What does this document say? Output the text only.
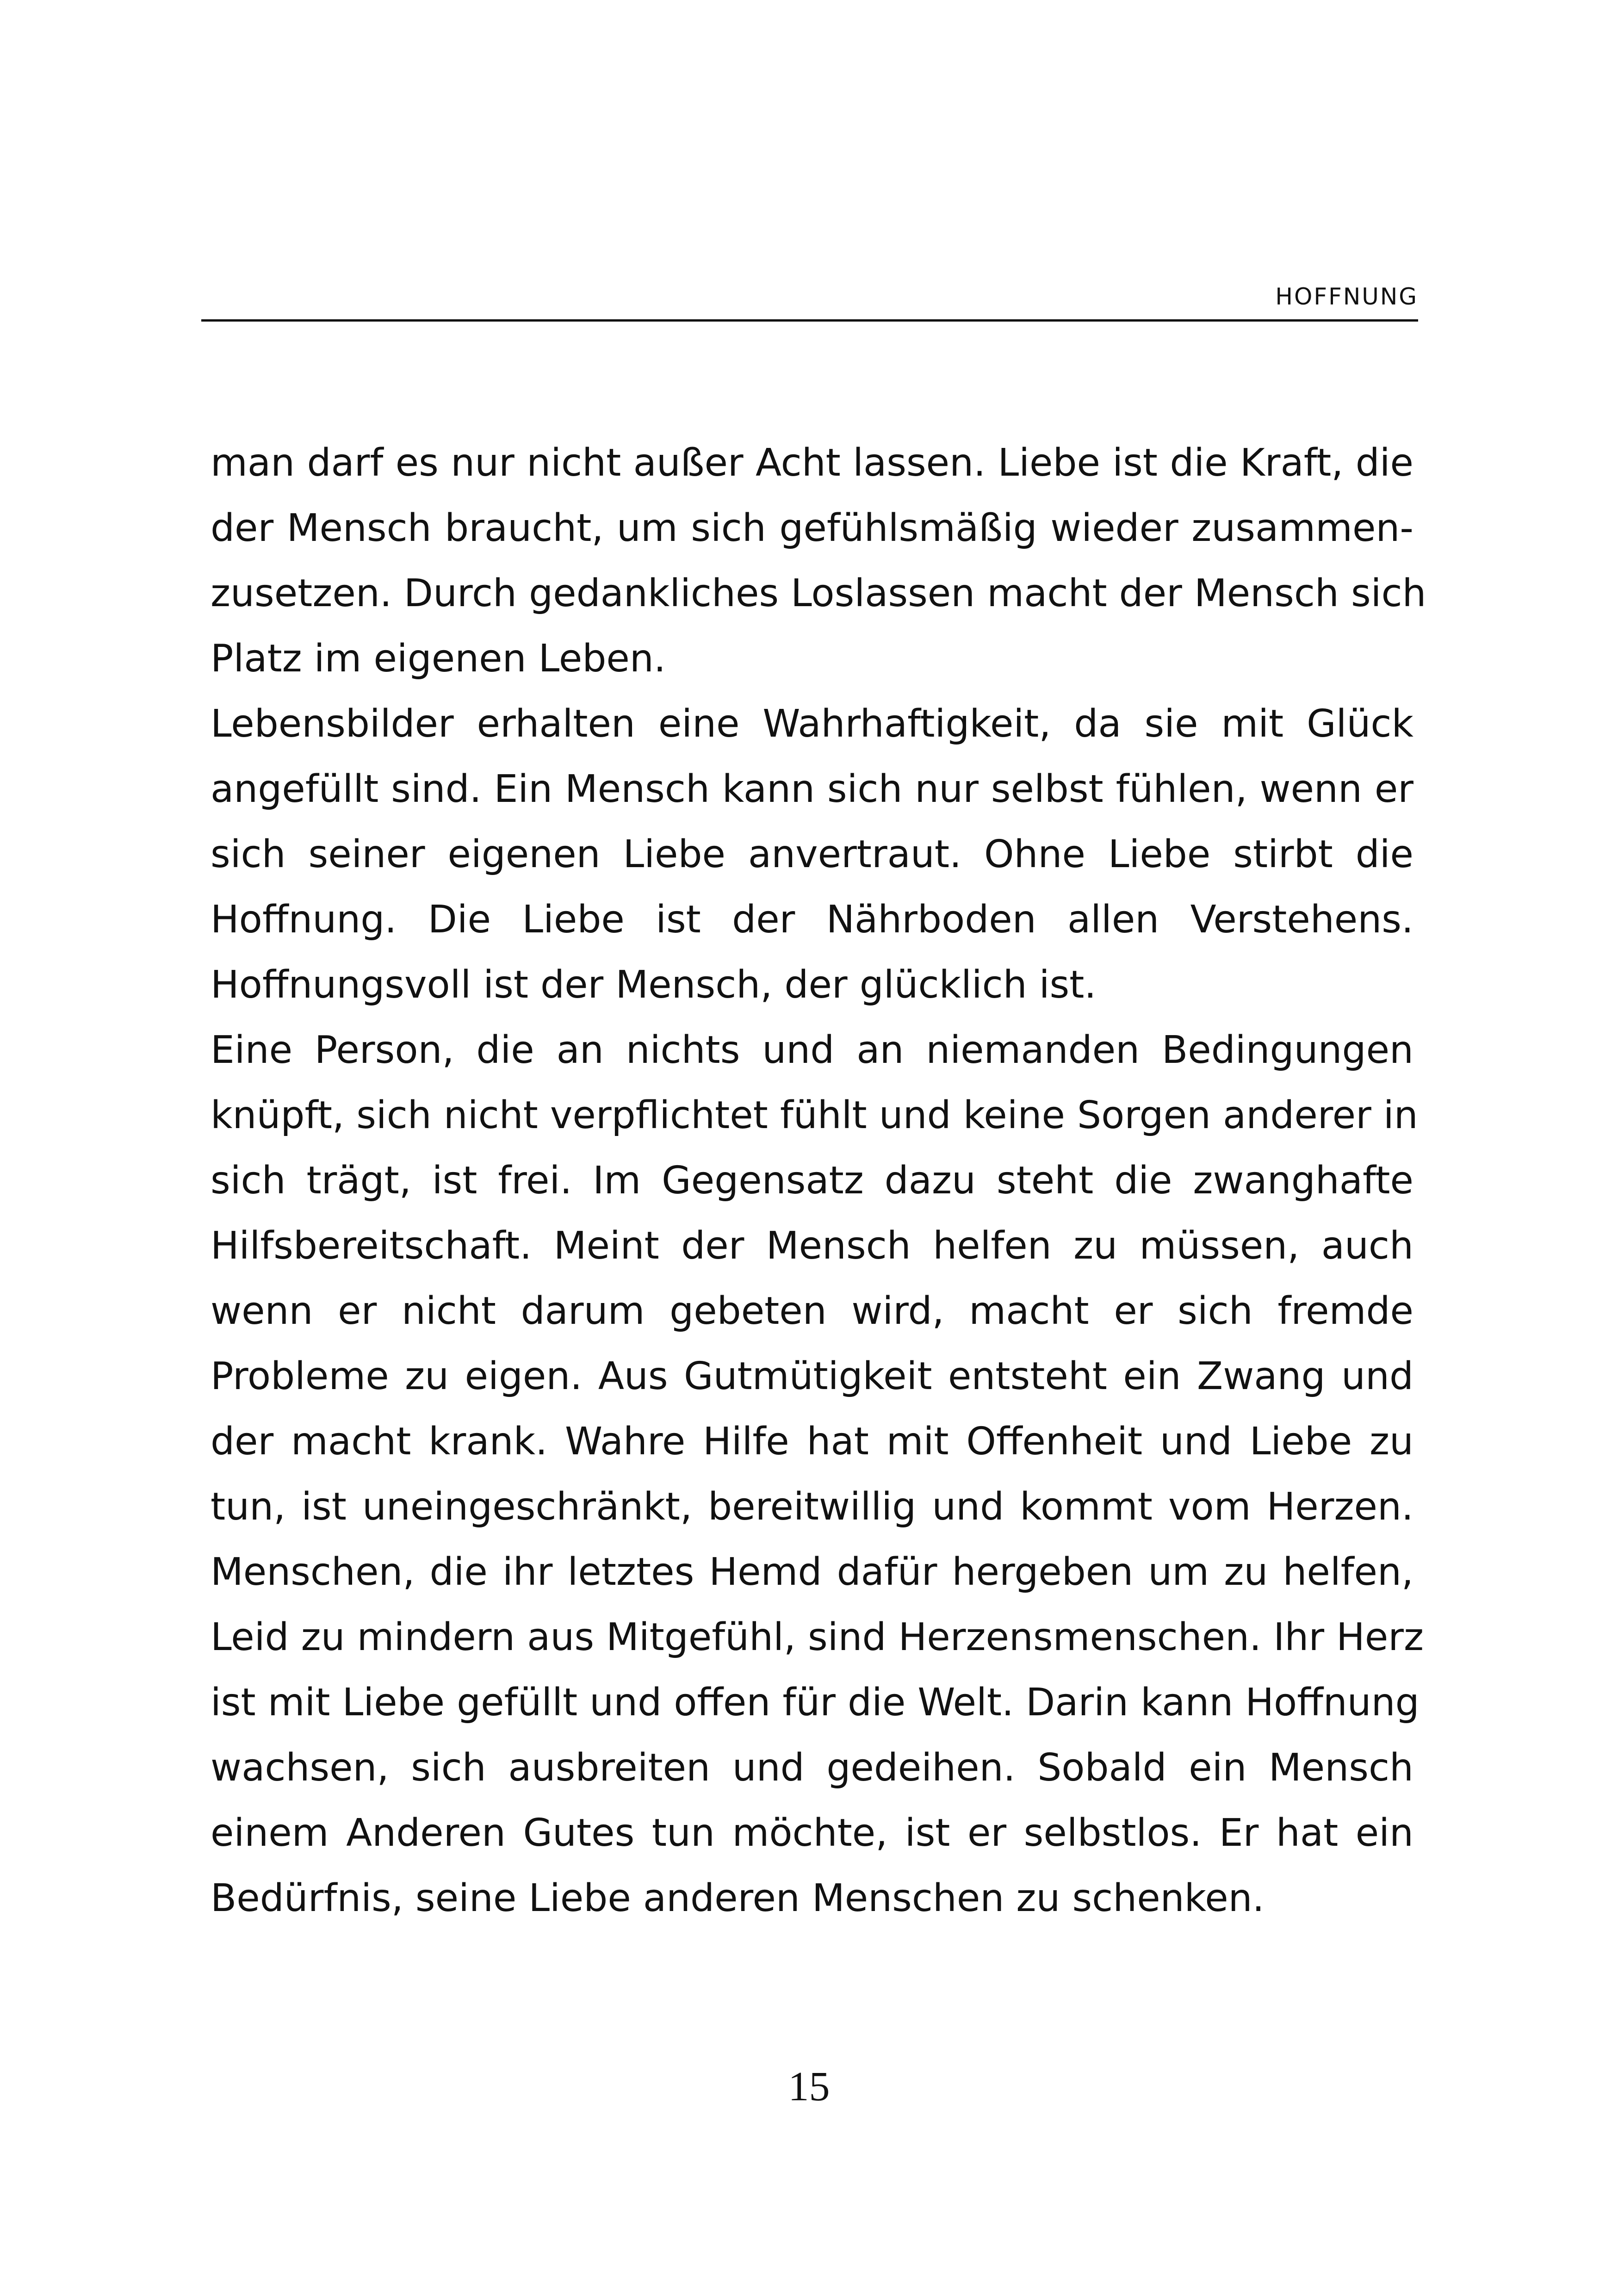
HOFFNUNG
man darf es nur nicht außer Acht lassen. Liebe ist die Kraft, die
der Mensch braucht, um sich gefühlsmäßig wieder zusammen-
zusetzen. Durch gedankliches Loslassen macht der Mensch sich
Platz im eigenen Leben.
Lebensbilder erhalten eine Wahrhaftigkeit, da sie mit Glück
angefüllt sind. Ein Mensch kann sich nur selbst fühlen, wenn er
sich seiner eigenen Liebe anvertraut. Ohne Liebe stirbt die
Hoffnung. Die Liebe ist der Nährboden allen Verstehens.
Hoffnungsvoll ist der Mensch, der glücklich ist.
Eine Person, die an nichts und an niemanden Bedingungen
knüpft, sich nicht verpflichtet fühlt und keine Sorgen anderer in
sich trägt, ist frei. Im Gegensatz dazu steht die zwanghafte
Hilfsbereitschaft. Meint der Mensch helfen zu müssen, auch
wenn er nicht darum gebeten wird, macht er sich fremde
Probleme zu eigen. Aus Gutmütigkeit entsteht ein Zwang und
der macht krank. Wahre Hilfe hat mit Offenheit und Liebe zu
tun, ist uneingeschränkt, bereitwillig und kommt vom Herzen.
Menschen, die ihr letztes Hemd dafür hergeben um zu helfen,
Leid zu mindern aus Mitgefühl, sind Herzensmenschen. Ihr Herz
ist mit Liebe gefüllt und offen für die Welt. Darin kann Hoffnung
wachsen, sich ausbreiten und gedeihen. Sobald ein Mensch
einem Anderen Gutes tun möchte, ist er selbstlos. Er hat ein
Bedürfnis, seine Liebe anderen Menschen zu schenken.
15
